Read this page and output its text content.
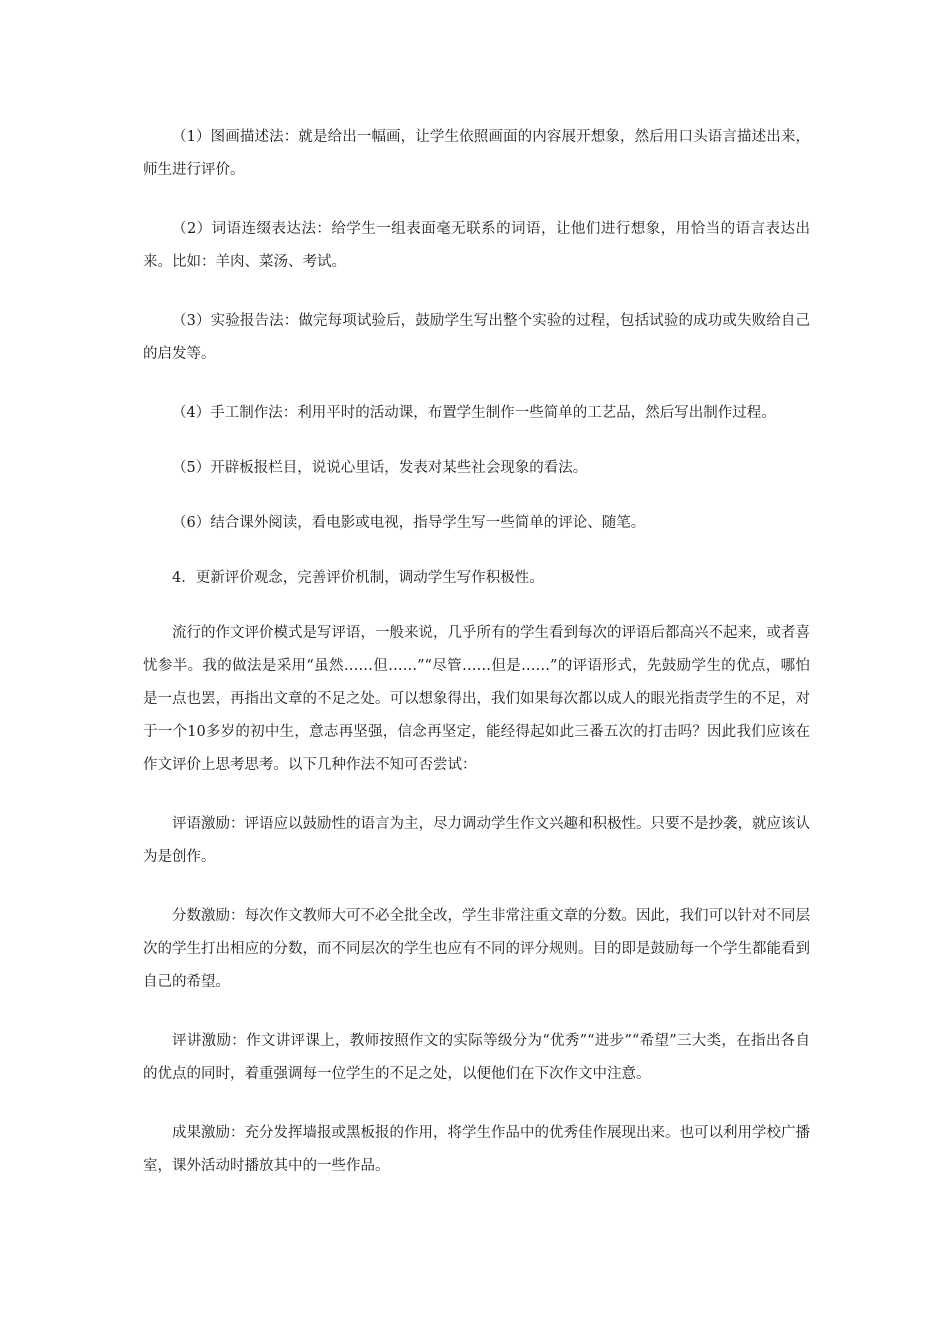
（1）图画描述法：就是给出一幅画，让学生依照画面的内容展开想象，然后用口头语言描述出来，师生进行评价。

（2）词语连缀表达法：给学生一组表面毫无联系的词语，让他们进行想象，用恰当的语言表达出来。比如：羊肉、菜汤、考试。

（3）实验报告法：做完每项试验后，鼓励学生写出整个实验的过程，包括试验的成功或失败给自己的启发等。

（4）手工制作法：利用平时的活动课，布置学生制作一些简单的工艺品，然后写出制作过程。

（5）开辟板报栏目，说说心里话，发表对某些社会现象的看法。

（6）结合课外阅读，看电影或电视，指导学生写一些简单的评论、随笔。

4．更新评价观念，完善评价机制，调动学生写作积极性。

流行的作文评价模式是写评语，一般来说，几乎所有的学生看到每次的评语后都高兴不起来，或者喜忧参半。我的做法是采用“虽然……但……”“尽管……但是……”的评语形式，先鼓励学生的优点，哪怕是一点也罢，再指出文章的不足之处。可以想象得出，我们如果每次都以成人的眼光指责学生的不足，对于一个10多岁的初中生，意志再坚强，信念再坚定，能经得起如此三番五次的打击吗？因此我们应该在作文评价上思考思考。以下几种作法不知可否尝试：

评语激励：评语应以鼓励性的语言为主，尽力调动学生作文兴趣和积极性。只要不是抄袭，就应该认为是创作。

分数激励：每次作文教师大可不必全批全改，学生非常注重文章的分数。因此，我们可以针对不同层次的学生打出相应的分数，而不同层次的学生也应有不同的评分规则。目的即是鼓励每一个学生都能看到自己的希望。

评讲激励：作文讲评课上，教师按照作文的实际等级分为“优秀”“进步”“希望”三大类，在指出各自的优点的同时，着重强调每一位学生的不足之处，以便他们在下次作文中注意。

成果激励：充分发挥墙报或黑板报的作用，将学生作品中的优秀佳作展现出来。也可以利用学校广播室，课外活动时播放其中的一些作品。
